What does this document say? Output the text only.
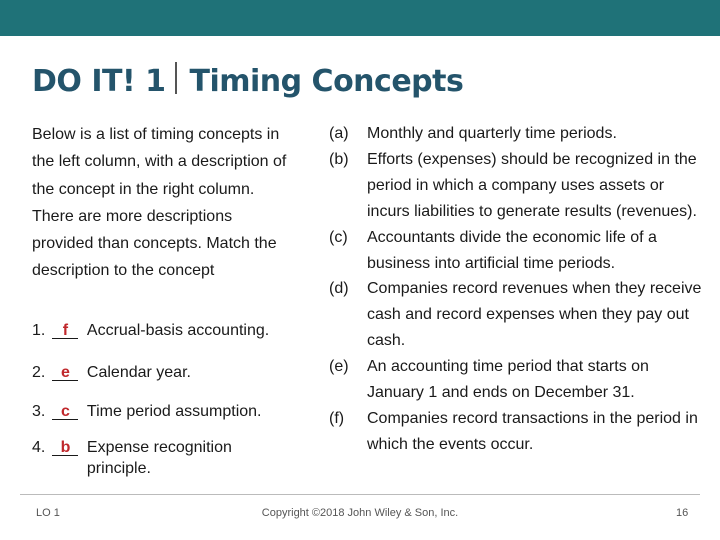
DO IT! 1 Timing Concepts
Below is a list of timing concepts in the left column, with a description of the concept in the right column. There are more descriptions provided than concepts. Match the description to the concept
1. f Accrual-basis accounting.
2. e Calendar year.
3. c Time period assumption.
4. b Expense recognition principle.
(a)	Monthly and quarterly time periods.
(b)	Efforts (expenses) should be recognized in the period in which a company uses assets or incurs liabilities to generate results (revenues).
(c)	Accountants divide the economic life of a business into artificial time periods.
(d)	Companies record revenues when they receive cash and record expenses when they pay out cash.
(e)	An accounting time period that starts on January 1 and ends on December 31.
(f)	Companies record transactions in the period in which the events occur.
LO 1	Copyright ©2018 John Wiley & Son, Inc.	16
